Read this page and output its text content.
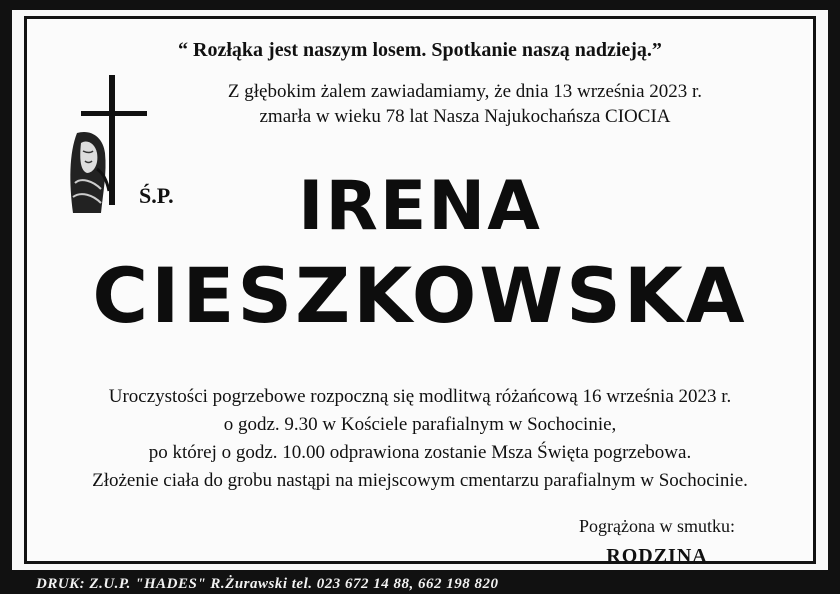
“ Rozłąka jest naszym losem. Spotkanie naszą nadzieją.”
Z głębokim żalem zawiadamiamy, że dnia 13 września 2023 r.
zmarła w wieku 78 lat Nasza Najukochańsza CIOCIA
Ś.P.	IRENA
CIESZKOWSKA
Uroczystości pogrzebowe rozpoczną się modlitwą różańcową 16 września 2023 r.
o godz. 9.30 w Kościele parafialnym w Sochocinie,
po której o godz. 10.00 odprawiona zostanie Msza Święta pogrzebowa.
Złożenie ciała do grobu nastąpi na miejscowym cmentarzu parafialnym w Sochocinie.
Pogrążona w smutku:
RODZINA
DRUK: Z.U.P. "HADES" R.Żurawski tel. 023 672 14 88, 662 198 820
